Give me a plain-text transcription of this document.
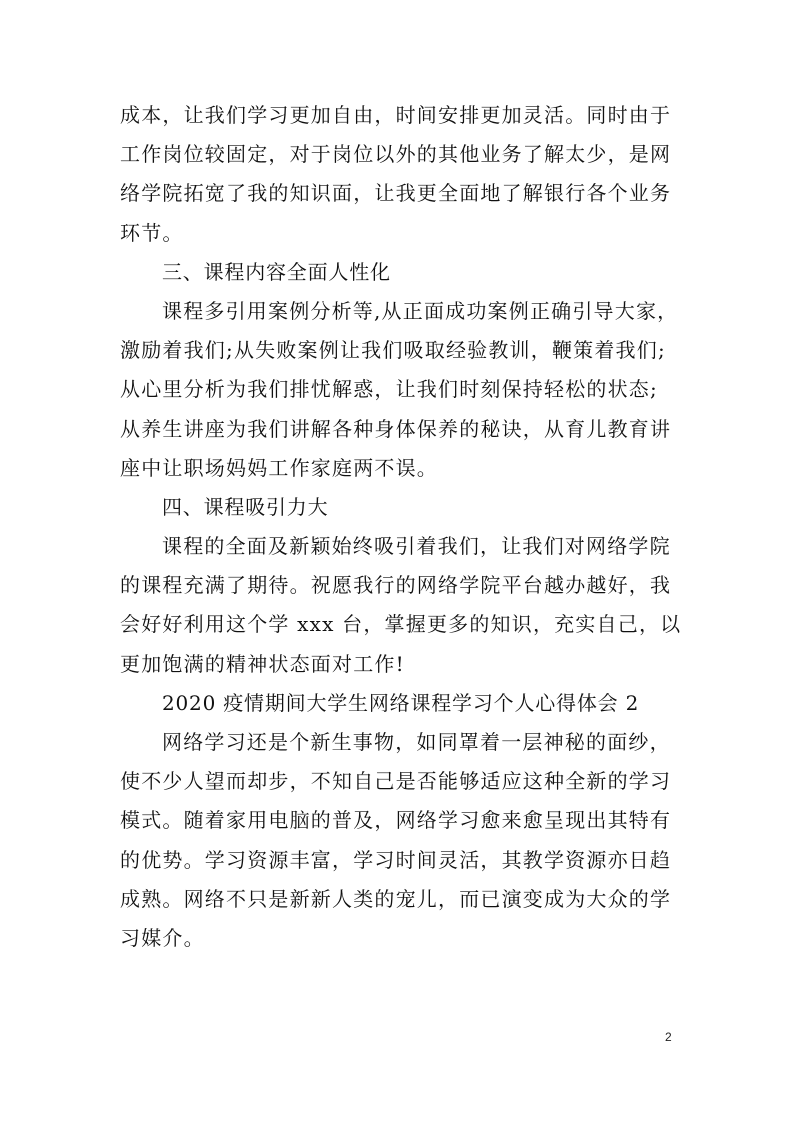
成本，让我们学习更加自由，时间安排更加灵活。同时由于
工作岗位较固定，对于岗位以外的其他业务了解太少，是网
络学院拓宽了我的知识面，让我更全面地了解银行各个业务
环节。
三、课程内容全面人性化
课程多引用案例分析等,从正面成功案例正确引导大家，
激励着我们;从失败案例让我们吸取经验教训，鞭策着我们;
从心里分析为我们排忧解惑，让我们时刻保持轻松的状态;
从养生讲座为我们讲解各种身体保养的秘诀，从育儿教育讲
座中让职场妈妈工作家庭两不误。
四、课程吸引力大
课程的全面及新颖始终吸引着我们，让我们对网络学院
的课程充满了期待。祝愿我行的网络学院平台越办越好，我
会好好利用这个学 xxx 台，掌握更多的知识，充实自己，以
更加饱满的精神状态面对工作!
2020 疫情期间大学生网络课程学习个人心得体会 2
网络学习还是个新生事物，如同罩着一层神秘的面纱，
使不少人望而却步，不知自己是否能够适应这种全新的学习
模式。随着家用电脑的普及，网络学习愈来愈呈现出其特有
的优势。学习资源丰富，学习时间灵活，其教学资源亦日趋
成熟。网络不只是新新人类的宠儿，而已演变成为大众的学
习媒介。
2
